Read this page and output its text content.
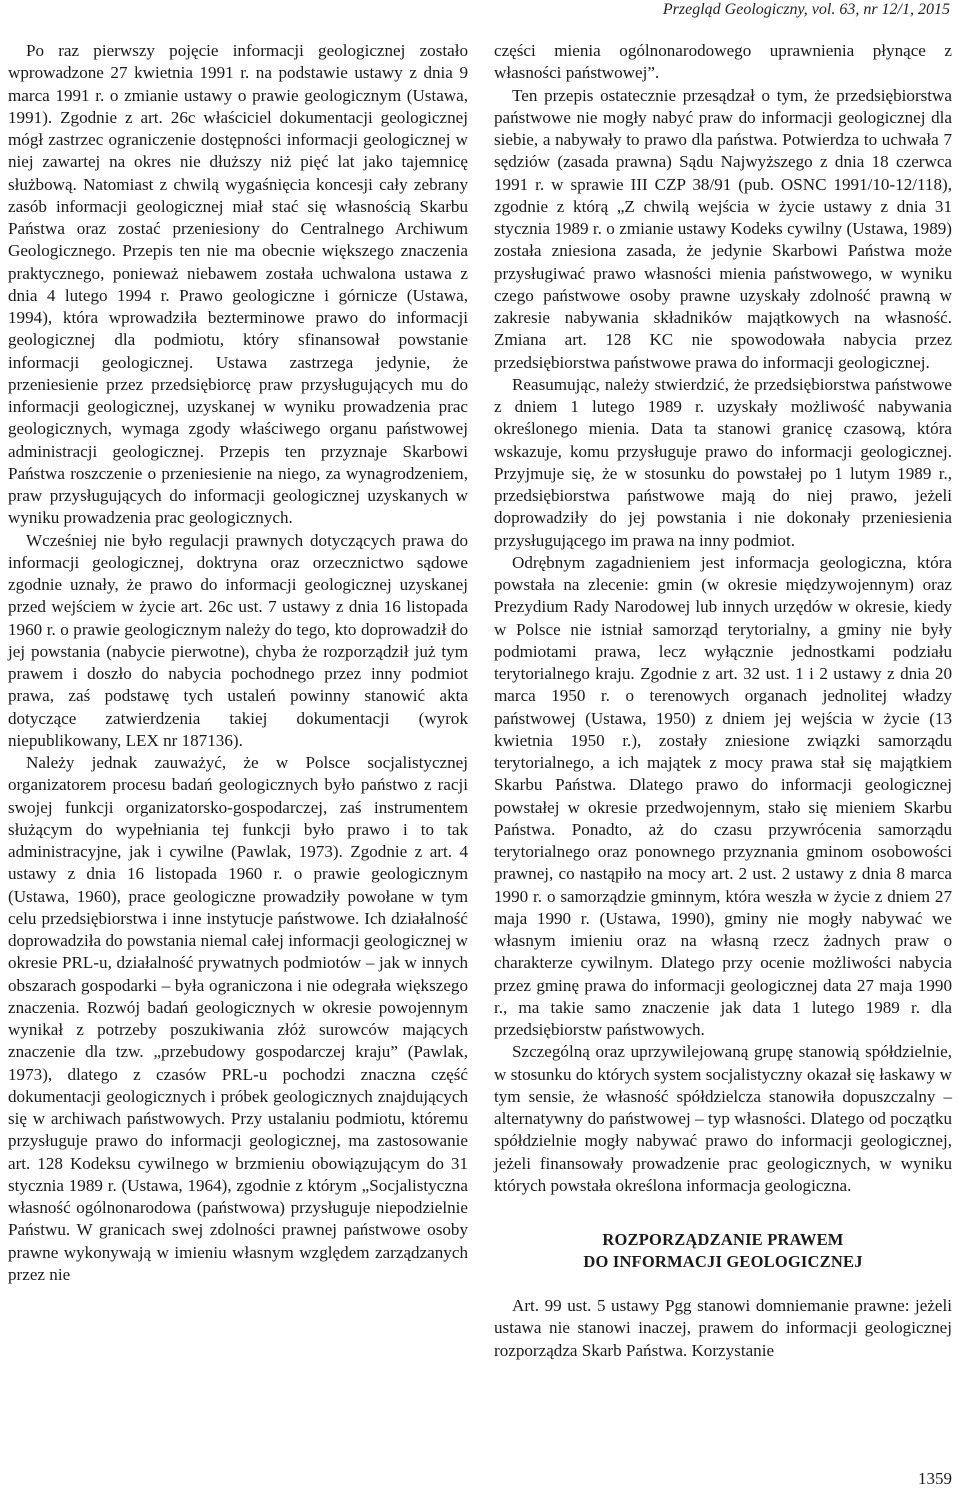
Przegląd Geologiczny, vol. 63, nr 12/1, 2015

Po raz pierwszy pojęcie informacji geologicznej zostało wprowadzone 27 kwietnia 1991 r. na podstawie ustawy z dnia 9 marca 1991 r. o zmianie ustawy o prawie geologicznym (Ustawa, 1991). Zgodnie z art. 26c właściciel dokumentacji geologicznej mógł zastrzec ograniczenie dostępności informacji geologicznej w niej zawartej na okres nie dłuższy niż pięć lat jako tajemnicę służbową. Natomiast z chwilą wygaśnięcia koncesji cały zebrany zasób informacji geologicznej miał stać się własnością Skarbu Państwa oraz zostać przeniesiony do Centralnego Archiwum Geologicznego. Przepis ten nie ma obecnie większego znaczenia praktycznego, ponieważ niebawem została uchwalona ustawa z dnia 4 lutego 1994 r. Prawo geologiczne i górnicze (Ustawa, 1994), która wprowadziła bezterminowe prawo do informacji geologicznej dla podmiotu, który sfinansował powstanie informacji geologicznej. Ustawa zastrzega jedynie, że przeniesienie przez przedsiębiorcę praw przysługujących mu do informacji geologicznej, uzyskanej w wyniku prowadzenia prac geologicznych, wymaga zgody właściwego organu państwowej administracji geologicznej. Przepis ten przyznaje Skarbowi Państwa roszczenie o przeniesienie na niego, za wynagrodzeniem, praw przysługujących do informacji geologicznej uzyskanych w wyniku prowadzenia prac geologicznych.

Wcześniej nie było regulacji prawnych dotyczących prawa do informacji geologicznej, doktryna oraz orzecznictwo sądowe zgodnie uznały, że prawo do informacji geologicznej uzyskanej przed wejściem w życie art. 26c ust. 7 ustawy z dnia 16 listopada 1960 r. o prawie geologicznym należy do tego, kto doprowadził do jej powstania (nabycie pierwotne), chyba że rozporządził już tym prawem i doszło do nabycia pochodnego przez inny podmiot prawa, zaś podstawę tych ustaleń powinny stanowić akta dotyczące zatwierdzenia takiej dokumentacji (wyrok niepublikowany, LEX nr 187136).

Należy jednak zauważyć, że w Polsce socjalistycznej organizatorem procesu badań geologicznych było państwo z racji swojej funkcji organizatorsko-gospodarczej, zaś instrumentem służącym do wypełniania tej funkcji było prawo i to tak administracyjne, jak i cywilne (Pawlak, 1973). Zgodnie z art. 4 ustawy z dnia 16 listopada 1960 r. o prawie geologicznym (Ustawa, 1960), prace geologiczne prowadziły powołane w tym celu przedsiębiorstwa i inne instytucje państwowe. Ich działalność doprowadziła do powstania niemal całej informacji geologicznej w okresie PRL-u, działalność prywatnych podmiotów – jak w innych obszarach gospodarki – była ograniczona i nie odegrała większego znaczenia. Rozwój badań geologicznych w okresie powojennym wynikał z potrzeby poszukiwania złóż surowców mających znaczenie dla tzw. „przebudowy gospodarczej kraju” (Pawlak, 1973), dlatego z czasów PRL-u pochodzi znaczna część dokumentacji geologicznych i próbek geologicznych znajdujących się w archiwach państwowych. Przy ustalaniu podmiotu, któremu przysługuje prawo do informacji geologicznej, ma zastosowanie art. 128 Kodeksu cywilnego w brzmieniu obowiązującym do 31 stycznia 1989 r. (Ustawa, 1964), zgodnie z którym „Socjalistyczna własność ogólnonarodowa (państwowa) przysługuje niepodzielnie Państwu. W granicach swej zdolności prawnej państwowe osoby prawne wykonywają w imieniu własnym względem zarządzanych przez nie

części mienia ogólnonarodowego uprawnienia płynące z własności państwowej”.

Ten przepis ostatecznie przesądzał o tym, że przedsiębiorstwa państwowe nie mogły nabyć praw do informacji geologicznej dla siebie, a nabywały to prawo dla państwa. Potwierdza to uchwała 7 sędziów (zasada prawna) Sądu Najwyższego z dnia 18 czerwca 1991 r. w sprawie III CZP 38/91 (pub. OSNC 1991/10-12/118), zgodnie z którą „Z chwilą wejścia w życie ustawy z dnia 31 stycznia 1989 r. o zmianie ustawy Kodeks cywilny (Ustawa, 1989) została zniesiona zasada, że jedynie Skarbowi Państwa może przysługiwać prawo własności mienia państwowego, w wyniku czego państwowe osoby prawne uzyskały zdolność prawną w zakresie nabywania składników majątkowych na własność. Zmiana art. 128 KC nie spowodowała nabycia przez przedsiębiorstwa państwowe prawa do informacji geologicznej.

Reasumując, należy stwierdzić, że przedsiębiorstwa państwowe z dniem 1 lutego 1989 r. uzyskały możliwość nabywania określonego mienia. Data ta stanowi granicę czasową, która wskazuje, komu przysługuje prawo do informacji geologicznej. Przyjmuje się, że w stosunku do powstałej po 1 lutym 1989 r., przedsiębiorstwa państwowe mają do niej prawo, jeżeli doprowadziły do jej powstania i nie dokonały przeniesienia przysługującego im prawa na inny podmiot.

Odrębnym zagadnieniem jest informacja geologiczna, która powstała na zlecenie: gmin (w okresie międzywojennym) oraz Prezydium Rady Narodowej lub innych urzędów w okresie, kiedy w Polsce nie istniał samorząd terytorialny, a gminy nie były podmiotami prawa, lecz wyłącznie jednostkami podziału terytorialnego kraju. Zgodnie z art. 32 ust. 1 i 2 ustawy z dnia 20 marca 1950 r. o terenowych organach jednolitej władzy państwowej (Ustawa, 1950) z dniem jej wejścia w życie (13 kwietnia 1950 r.), zostały zniesione związki samorządu terytorialnego, a ich majątek z mocy prawa stał się majątkiem Skarbu Państwa. Dlatego prawo do informacji geologicznej powstałej w okresie przedwojennym, stało się mieniem Skarbu Państwa. Ponadto, aż do czasu przywrócenia samorządu terytorialnego oraz ponownego przyznania gminom osobowości prawnej, co nastąpiło na mocy art. 2 ust. 2 ustawy z dnia 8 marca 1990 r. o samorządzie gminnym, która weszła w życie z dniem 27 maja 1990 r. (Ustawa, 1990), gminy nie mogły nabywać we własnym imieniu oraz na własną rzecz żadnych praw o charakterze cywilnym. Dlatego przy ocenie możliwości nabycia przez gminę prawa do informacji geologicznej data 27 maja 1990 r., ma takie samo znaczenie jak data 1 lutego 1989 r. dla przedsiębiorstw państwowych.

Szczególną oraz uprzywilejowaną grupę stanowią spółdzielnie, w stosunku do których system socjalistyczny okazał się łaskawy w tym sensie, że własność spółdzielcza stanowiła dopuszczalny – alternatywny do państwowej – typ własności. Dlatego od początku spółdzielnie mogły nabywać prawo do informacji geologicznej, jeżeli finansowały prowadzenie prac geologicznych, w wyniku których powstała określona informacja geologiczna.

ROZPORZĄDZANIE PRAWEM
DO INFORMACJI GEOLOGICZNEJ

Art. 99 ust. 5 ustawy Pgg stanowi domniemanie prawne: jeżeli ustawa nie stanowi inaczej, prawem do informacji geologicznej rozporządza Skarb Państwa. Korzystanie

1359
